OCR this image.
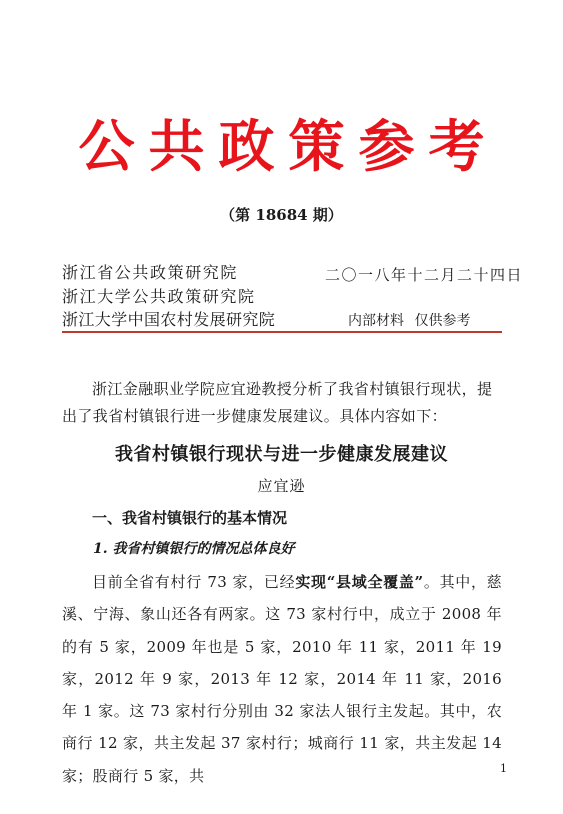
公共政策参考
（第 18684 期）
浙江省公共政策研究院
浙江大学公共政策研究院
浙江大学中国农村发展研究院
二〇一八年十二月二十四日
内部材料 仅供参考
浙江金融职业学院应宜逊教授分析了我省村镇银行现状，提出了我省村镇银行进一步健康发展建议。具体内容如下：
我省村镇银行现状与进一步健康发展建议
应宜逊
一、我省村镇银行的基本情况
1. 我省村镇银行的情况总体良好
目前全省有村行 73 家，已经实现“县域全覆盖”。其中，慈溪、宁海、象山还各有两家。这 73 家村行中，成立于 2008 年的有 5 家，2009 年也是 5 家，2010 年 11 家，2011 年 19 家，2012 年 9 家，2013 年 12 家，2014 年 11 家，2016 年 1 家。这 73 家村行分别由 32 家法人银行主发起。其中，农商行 12 家，共主发起 37 家村行；城商行 11 家，共主发起 14 家；股商行 5 家，共	1
